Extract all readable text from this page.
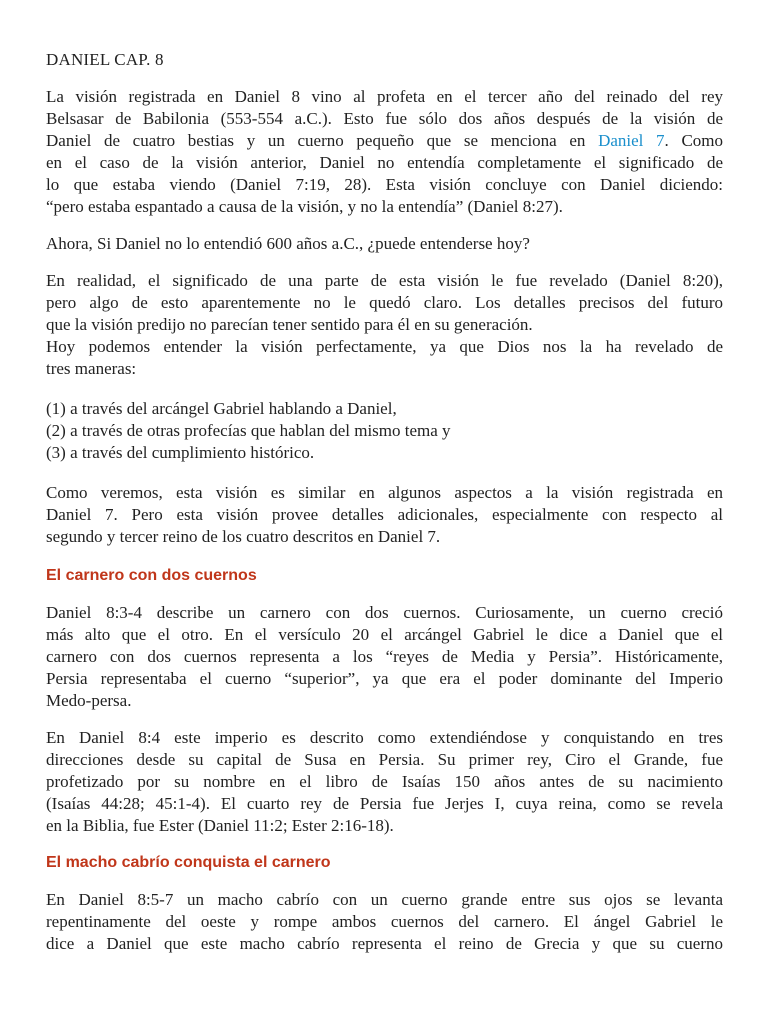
DANIEL CAP. 8
La visión registrada en Daniel 8 vino al profeta en el tercer año del reinado del rey
Belsasar de Babilonia (553-554 a.C.). Esto fue sólo dos años después de la visión de
Daniel de cuatro bestias y un cuerno pequeño que se menciona en Daniel 7. Como
en el caso de la visión anterior, Daniel no entendía completamente el significado de
lo que estaba viendo (Daniel 7:19, 28). Esta visión concluye con Daniel diciendo:
“pero estaba espantado a causa de la visión, y no la entendía” (Daniel 8:27).
Ahora, Si Daniel no lo entendió 600 años a.C., ¿puede entenderse hoy?
En realidad, el significado de una parte de esta visión le fue revelado (Daniel 8:20),
pero algo de esto aparentemente no le quedó claro. Los detalles precisos del futuro
que la visión predijo no parecían tener sentido para él en su generación.
Hoy podemos entender la visión perfectamente, ya que Dios nos la ha revelado de
tres maneras:
(1) a través del arcángel Gabriel hablando a Daniel,
(2) a través de otras profecías que hablan del mismo tema y
(3) a través del cumplimiento histórico.
Como veremos, esta visión es similar en algunos aspectos a la visión registrada en
Daniel 7. Pero esta visión provee detalles adicionales, especialmente con respecto al
segundo y tercer reino de los cuatro descritos en Daniel 7.
El carnero con dos cuernos
Daniel 8:3-4 describe un carnero con dos cuernos. Curiosamente, un cuerno creció
más alto que el otro. En el versículo 20 el arcángel Gabriel le dice a Daniel que el
carnero con dos cuernos representa a los “reyes de Media y Persia”. Históricamente,
Persia representaba el cuerno “superior”, ya que era el poder dominante del Imperio
Medo-persa.
En Daniel 8:4 este imperio es descrito como extendiéndose y conquistando en tres
direcciones desde su capital de Susa en Persia. Su primer rey, Ciro el Grande, fue
profetizado por su nombre en el libro de Isaías 150 años antes de su nacimiento
(Isaías 44:28; 45:1-4). El cuarto rey de Persia fue Jerjes I, cuya reina, como se revela
en la Biblia, fue Ester (Daniel 11:2; Ester 2:16-18).
El macho cabrío conquista el carnero
En Daniel 8:5-7 un macho cabrío con un cuerno grande entre sus ojos se levanta
repentinamente del oeste y rompe ambos cuernos del carnero. El ángel Gabriel le
dice a Daniel que este macho cabrío representa el reino de Grecia y que su cuerno
